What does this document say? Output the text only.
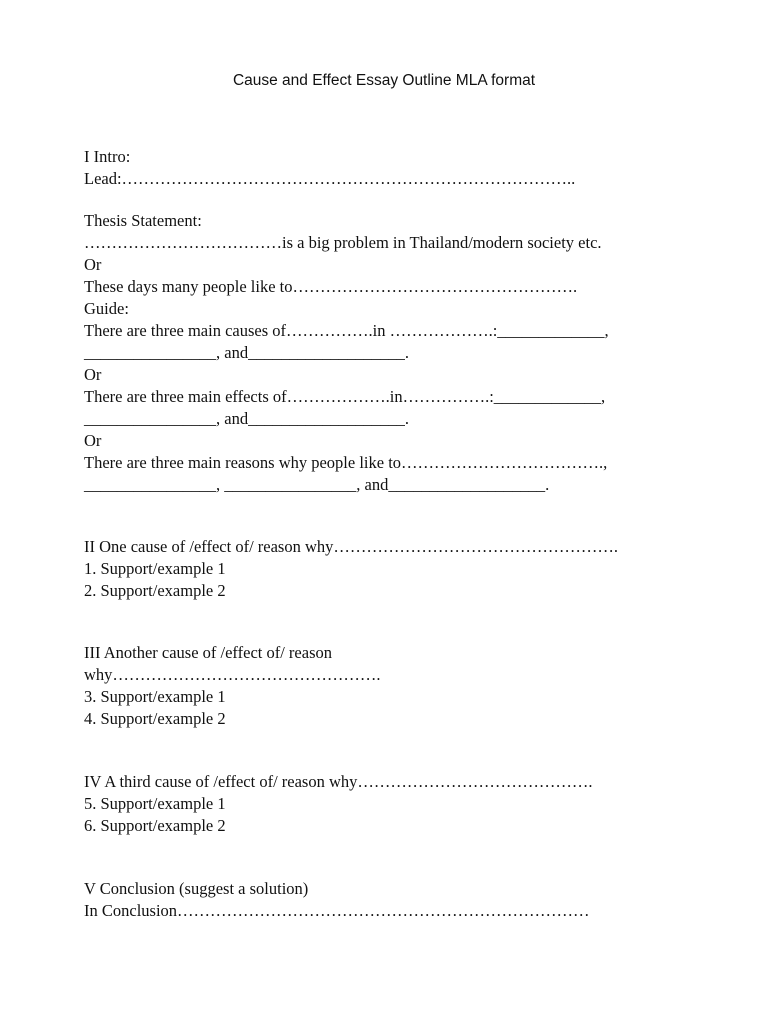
Cause and Effect Essay Outline MLA format
I Intro:
Lead:………………………………………………………………………..
Thesis Statement:
………………………………is a big problem in Thailand/modern society etc.
Or
These days many people like to…………………………………………….
Guide:
There are three main causes of…………….in ……………….:_____________,
________________, and___________________.
Or
There are three main effects of……………….in…………….:_____________,
________________, and___________________.
Or
There are three main reasons why people like to……………………………….,
________________, ________________, and___________________.
II One cause of /effect of/ reason why…………………………………………….
1. Support/example 1
2. Support/example 2
III Another cause of /effect of/ reason
why………………………………………….
3. Support/example 1
4. Support/example 2
IV A third cause of /effect of/ reason why…………………………………….
5. Support/example 1
6. Support/example 2
V Conclusion (suggest a solution)
In Conclusion…………………………………………………………………
